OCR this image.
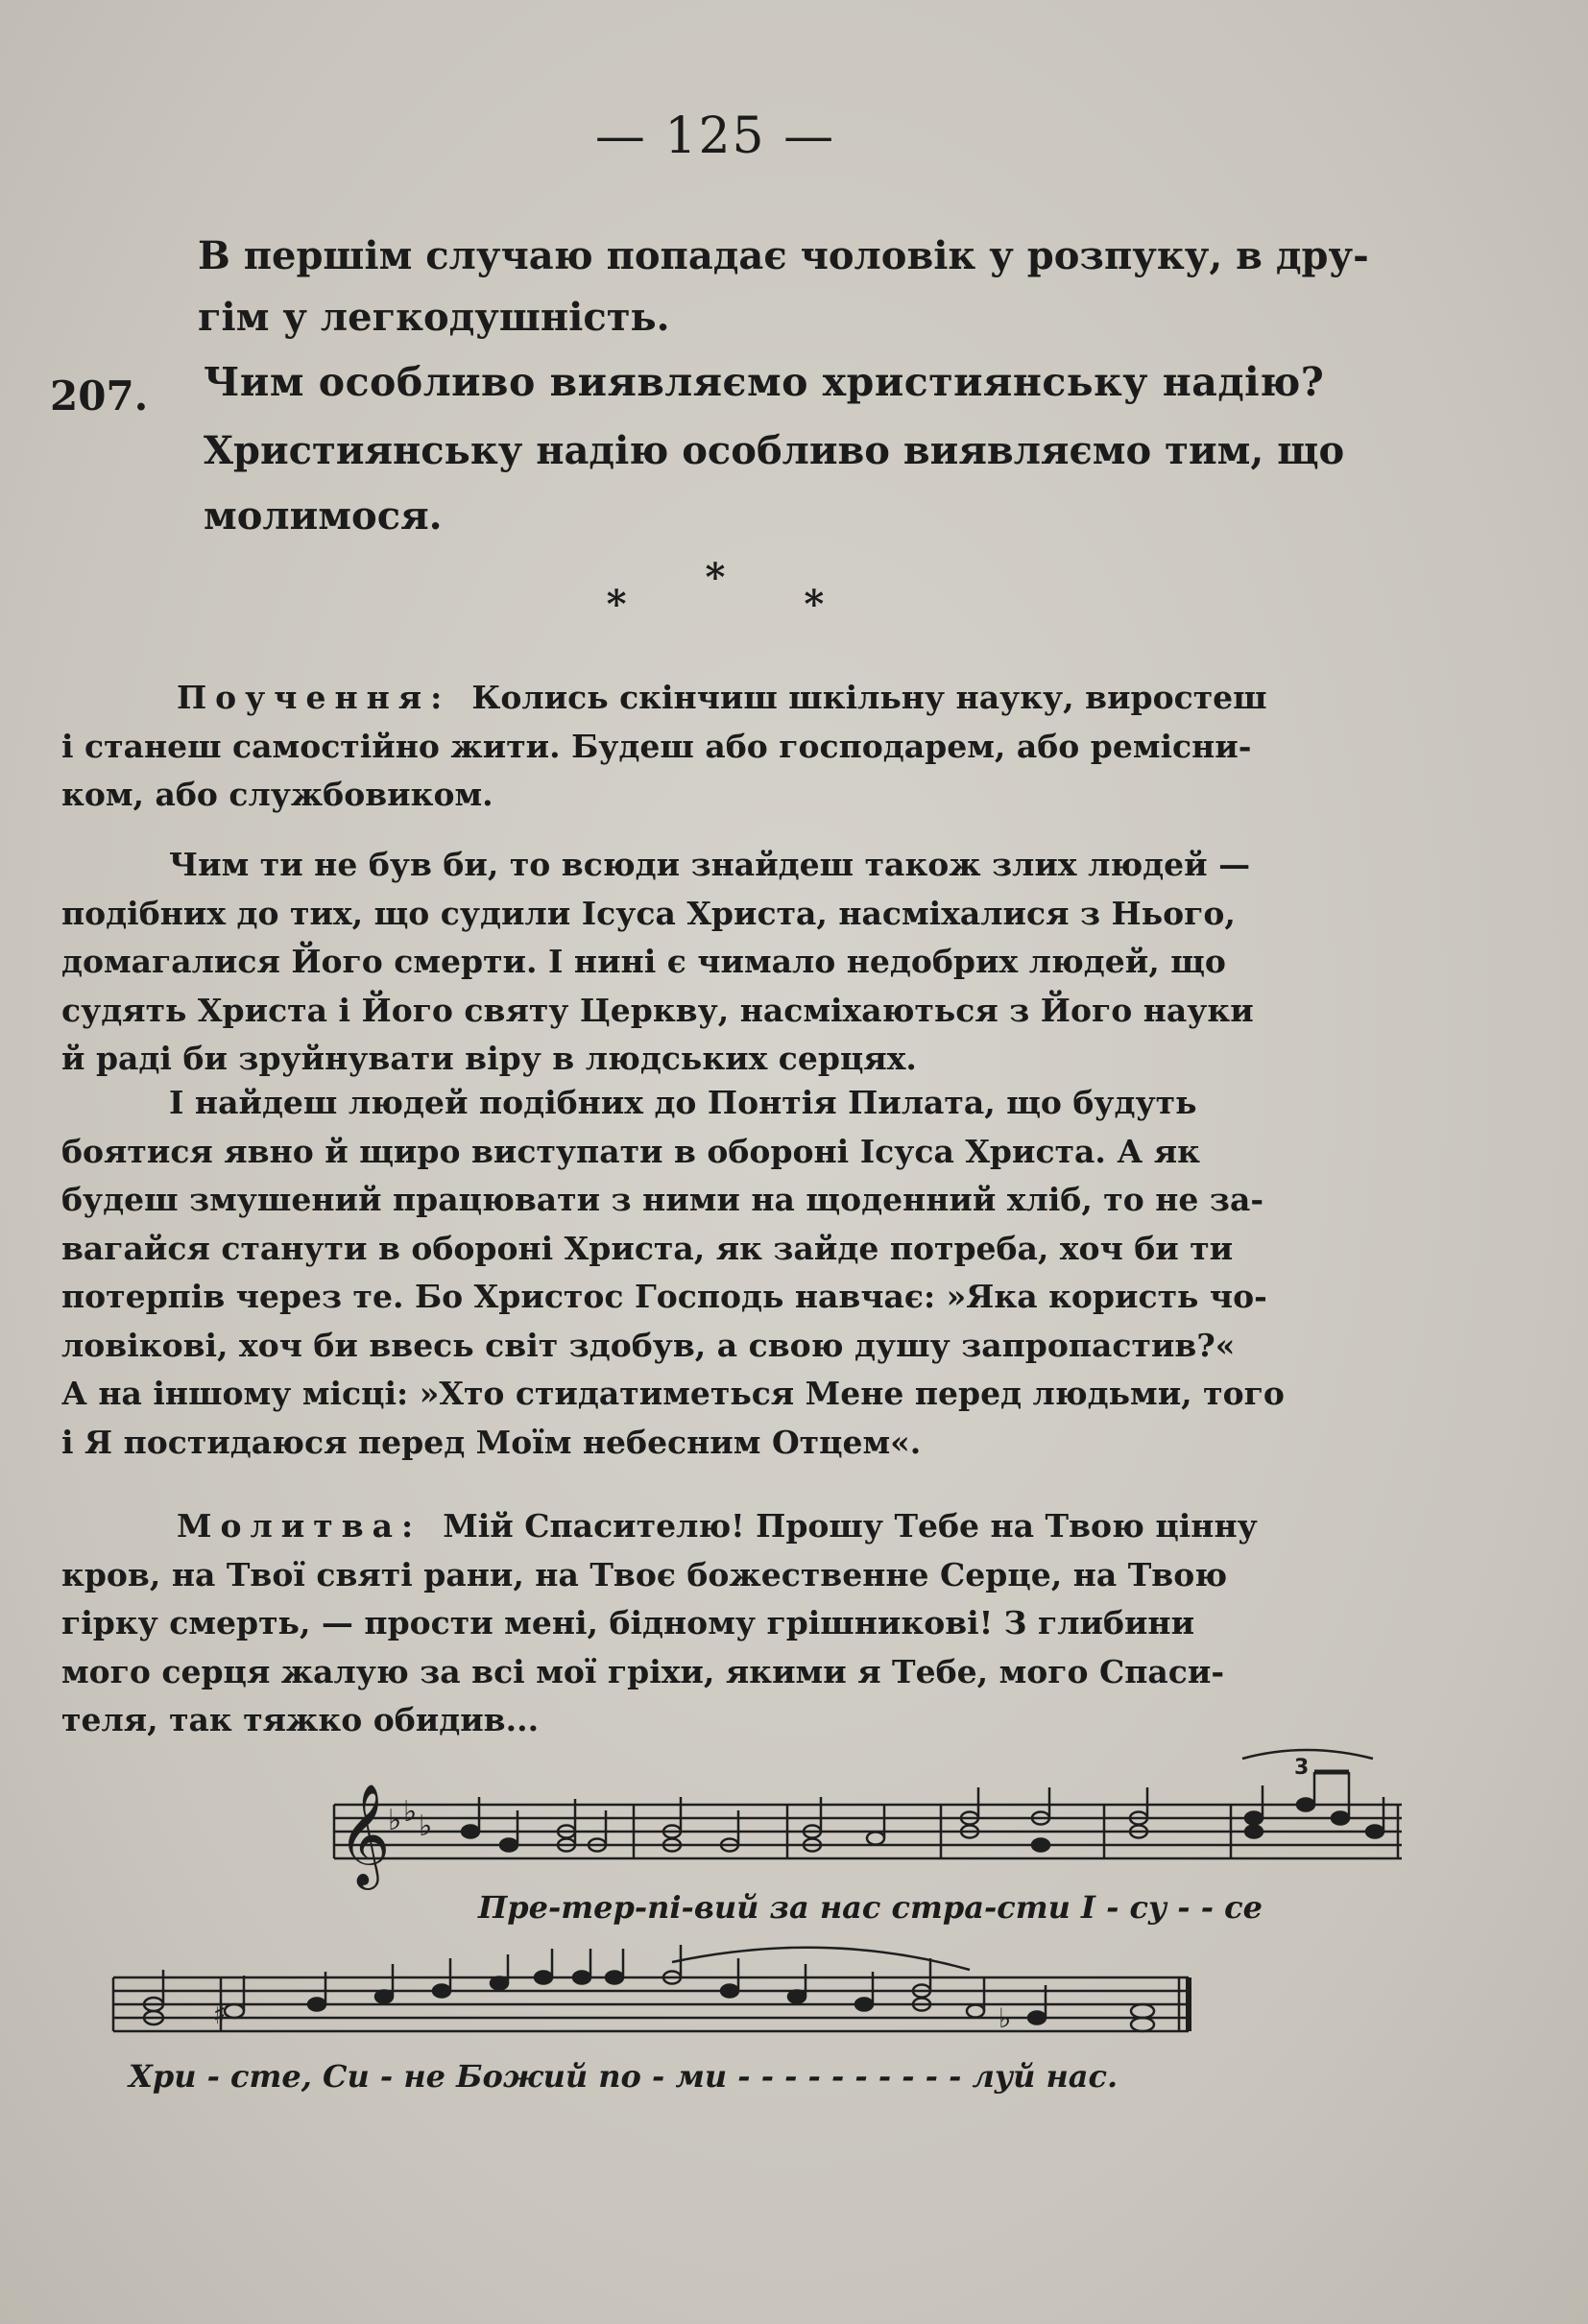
— 125 —
В першім случаю попадає чоловік у розпуку, в дру-
гім у легкодушність.
207. Чим особливо виявляємо християнську надію?
Християнську надію особливо виявляємо тим, що
молимося.
* * *
Поучення: Колись скінчиш шкільну науку, виростеш
і станеш самостійно жити. Будеш або господарем, або ремісни-
ком, або службовиком.
Чим ти не був би, то всюди знайдеш також злих людей —
подібних до тих, що судили Ісуса Христа, насміхалися з Нього,
домагалися Його смерти. І нині є чимало недобрих людей, що
судять Христа і Його святу Церкву, насміхаються з Його науки
й раді би зруйнувати віру в людських серцях.
І найдеш людей подібних до Понтія Пилата, що будуть
боятися явно й щиро виступати в обороні Ісуса Христа. А як
будеш змушений працювати з ними на щоденний хліб, то не за-
вагайся станути в обороні Христа, як зайде потреба, хоч би ти
потерпів через те. Бо Христос Господь навчає: »Яка користь чо-
ловікові, хоч би ввесь світ здобув, а свою душу запропастив?«
А на іншому місці: »Хто стидатиметься Мене перед людьми, того
і Я постидаюся перед Моїм небесним Отцем«.
Молитва: Мій Спасителю! Прошу Тебе на Твою цінну
кров, на Твої святі рани, на Твоє божественне Серце, на Твою
гірку смерть, — прости мені, бідному грішникові! З глибини
мого серця жалую за всі мої гріхи, якими я Тебе, мого Спаси-
теля, так тяжко обидив...
𝄞
♭ ♭ ♭
3
♯	♭
Пре-тер-пі-вий за нас стра-сти І - су - - се
Хри - сте, Си - не Божий по - ми - - - - - - - - - - луй нас.
